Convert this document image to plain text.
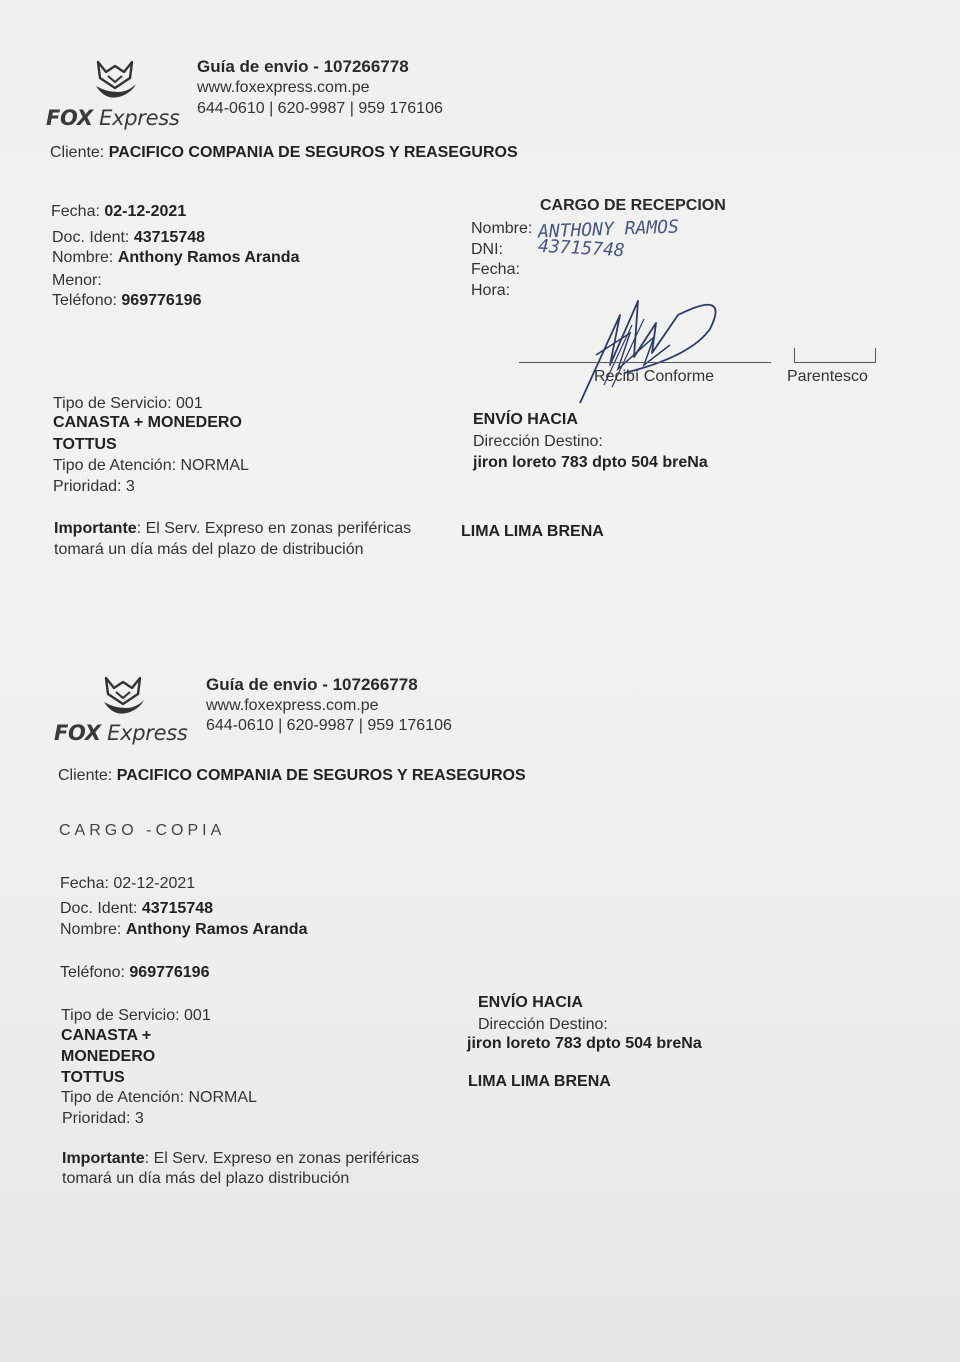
FOX Express
Guía de envio - 107266778
www.foxexpress.com.pe
644-0610 | 620-9987 | 959 176106
Cliente: PACIFICO COMPANIA DE SEGUROS Y REASEGUROS
Fecha: 02-12-2021
Doc. Ident: 43715748
Nombre: Anthony Ramos Aranda
Menor:
Teléfono: 969776196
CARGO DE RECEPCION
Nombre: ANTHONY RAMOS
DNI: 43715748
Fecha:
Hora:
Recibí Conforme	Parentesco
Tipo de Servicio: 001
CANASTA + MONEDERO
TOTTUS
Tipo de Atención: NORMAL
Prioridad: 3
ENVÍO HACIA
Dirección Destino:
jiron loreto 783 dpto 504 breNa
Importante: El Serv. Expreso en zonas periféricas
tomará un día más del plazo de distribución
LIMA LIMA BRENA
FOX Express
Guía de envio - 107266778
www.foxexpress.com.pe
644-0610 | 620-9987 | 959 176106
Cliente: PACIFICO COMPANIA DE SEGUROS Y REASEGUROS
CARGO -COPIA
Fecha: 02-12-2021
Doc. Ident: 43715748
Nombre: Anthony Ramos Aranda
Teléfono: 969776196
Tipo de Servicio: 001
CANASTA +
MONEDERO
TOTTUS
Tipo de Atención: NORMAL
Prioridad: 3
ENVÍO HACIA
Dirección Destino:
jiron loreto 783 dpto 504 breNa
LIMA LIMA BRENA
Importante: El Serv. Expreso en zonas periféricas
tomará un día más del plazo distribución
